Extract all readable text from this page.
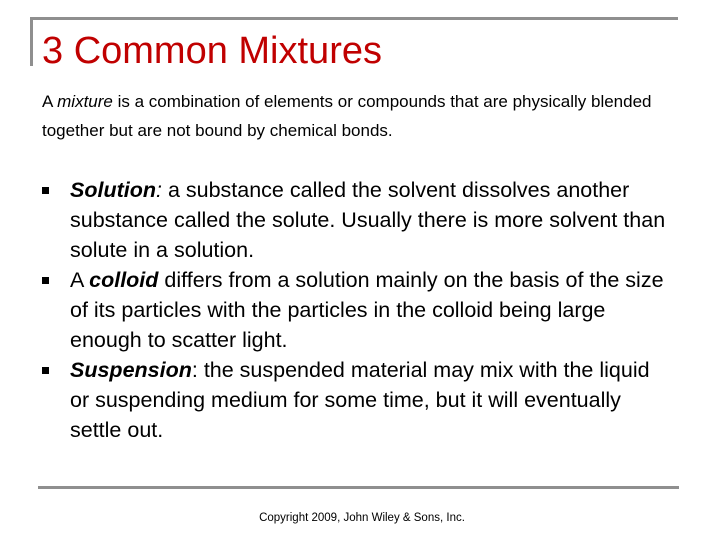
3 Common Mixtures

A mixture is a combination of elements or compounds that are physically blended together but are not bound by chemical bonds.

Solution: a substance called the solvent dissolves another substance called the solute. Usually there is more solvent than solute in a solution.
A colloid differs from a solution mainly on the basis of the size of its particles with the particles in the colloid being large enough to scatter light.
Suspension: the suspended material may mix with the liquid or suspending medium for some time, but it will eventually settle out.
Copyright 2009, John Wiley & Sons, Inc.
